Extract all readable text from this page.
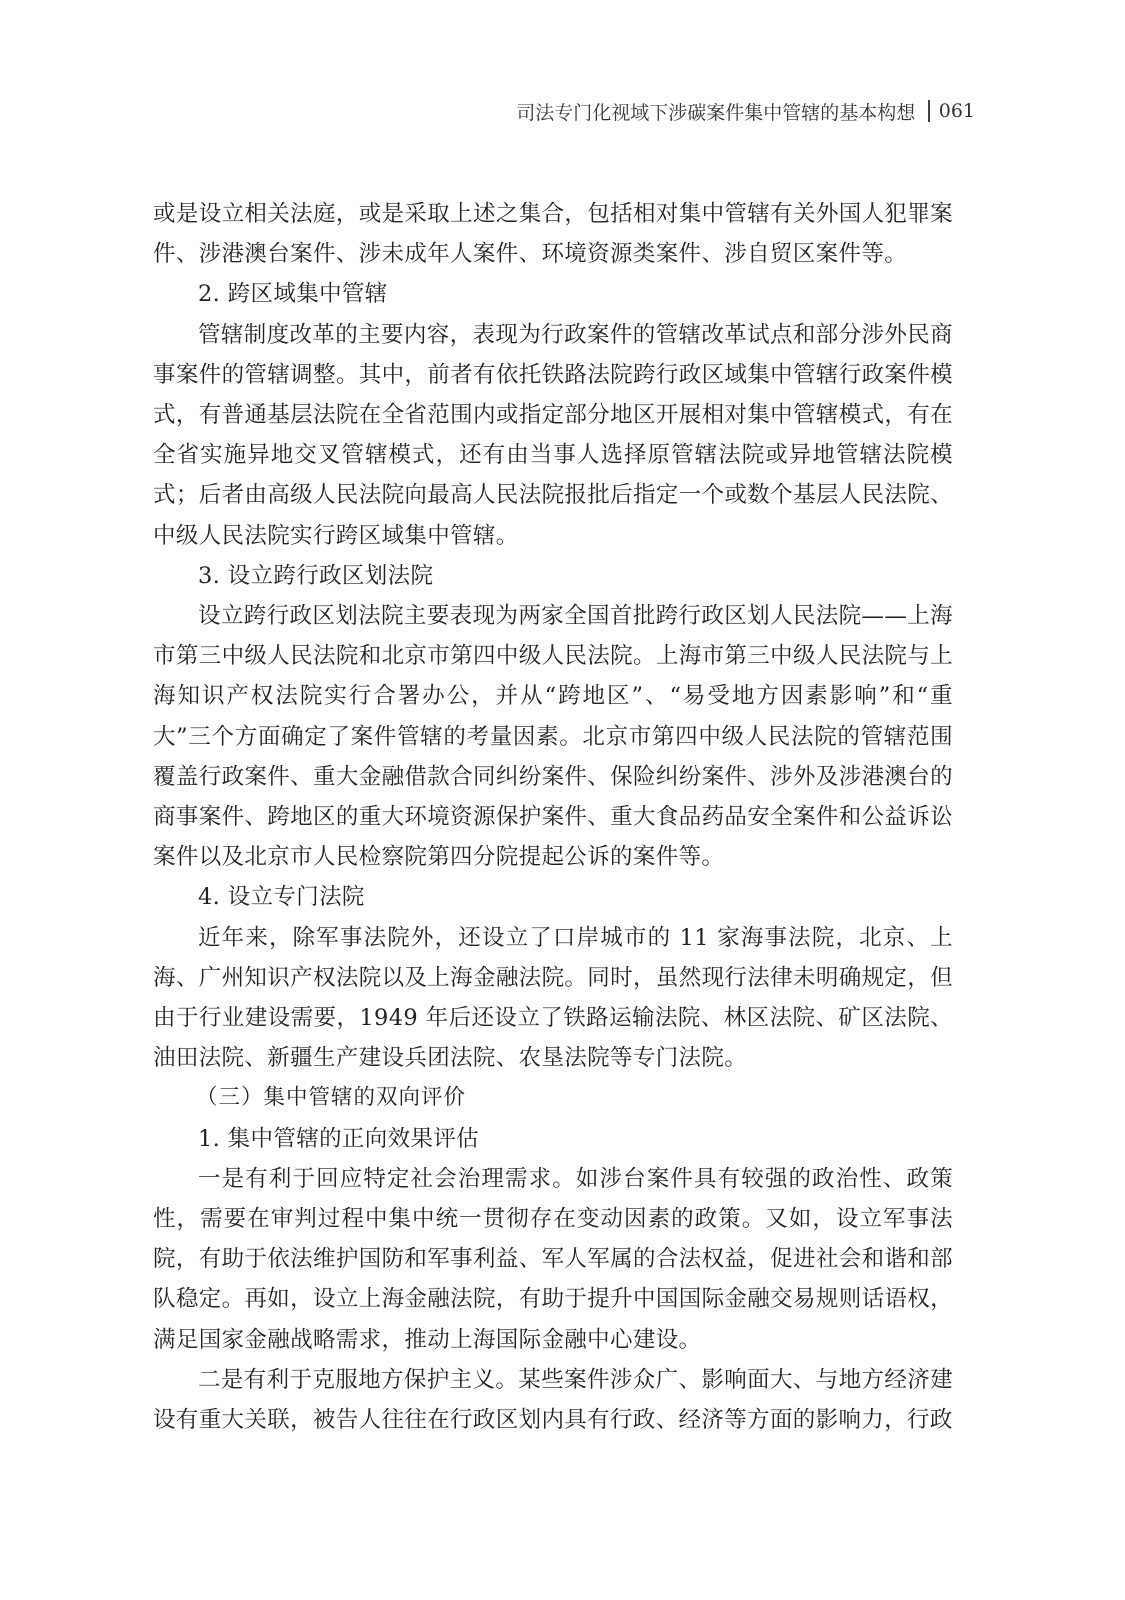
司法专门化视域下涉碳案件集中管辖的基本构想 061

或是设立相关法庭，或是采取上述之集合，包括相对集中管辖有关外国人犯罪案件、涉港澳台案件、涉未成年人案件、环境资源类案件、涉自贸区案件等。

2. 跨区域集中管辖

管辖制度改革的主要内容，表现为行政案件的管辖改革试点和部分涉外民商事案件的管辖调整。其中，前者有依托铁路法院跨行政区域集中管辖行政案件模式，有普通基层法院在全省范围内或指定部分地区开展相对集中管辖模式，有在全省实施异地交叉管辖模式，还有由当事人选择原管辖法院或异地管辖法院模式；后者由高级人民法院向最高人民法院报批后指定一个或数个基层人民法院、中级人民法院实行跨区域集中管辖。

3. 设立跨行政区划法院

设立跨行政区划法院主要表现为两家全国首批跨行政区划人民法院——上海市第三中级人民法院和北京市第四中级人民法院。上海市第三中级人民法院与上海知识产权法院实行合署办公，并从“跨地区”、“易受地方因素影响”和“重大”三个方面确定了案件管辖的考量因素。北京市第四中级人民法院的管辖范围覆盖行政案件、重大金融借款合同纠纷案件、保险纠纷案件、涉外及涉港澳台的商事案件、跨地区的重大环境资源保护案件、重大食品药品安全案件和公益诉讼案件以及北京市人民检察院第四分院提起公诉的案件等。

4. 设立专门法院

近年来，除军事法院外，还设立了口岸城市的 11 家海事法院，北京、上海、广州知识产权法院以及上海金融法院。同时，虽然现行法律未明确规定，但由于行业建设需要，1949 年后还设立了铁路运输法院、林区法院、矿区法院、油田法院、新疆生产建设兵团法院、农垦法院等专门法院。

（三）集中管辖的双向评价

1. 集中管辖的正向效果评估

一是有利于回应特定社会治理需求。如涉台案件具有较强的政治性、政策性，需要在审判过程中集中统一贯彻存在变动因素的政策。又如，设立军事法院，有助于依法维护国防和军事利益、军人军属的合法权益，促进社会和谐和部队稳定。再如，设立上海金融法院，有助于提升中国国际金融交易规则话语权，满足国家金融战略需求，推动上海国际金融中心建设。

二是有利于克服地方保护主义。某些案件涉众广、影响面大、与地方经济建设有重大关联，被告人往往在行政区划内具有行政、经济等方面的影响力，行政
